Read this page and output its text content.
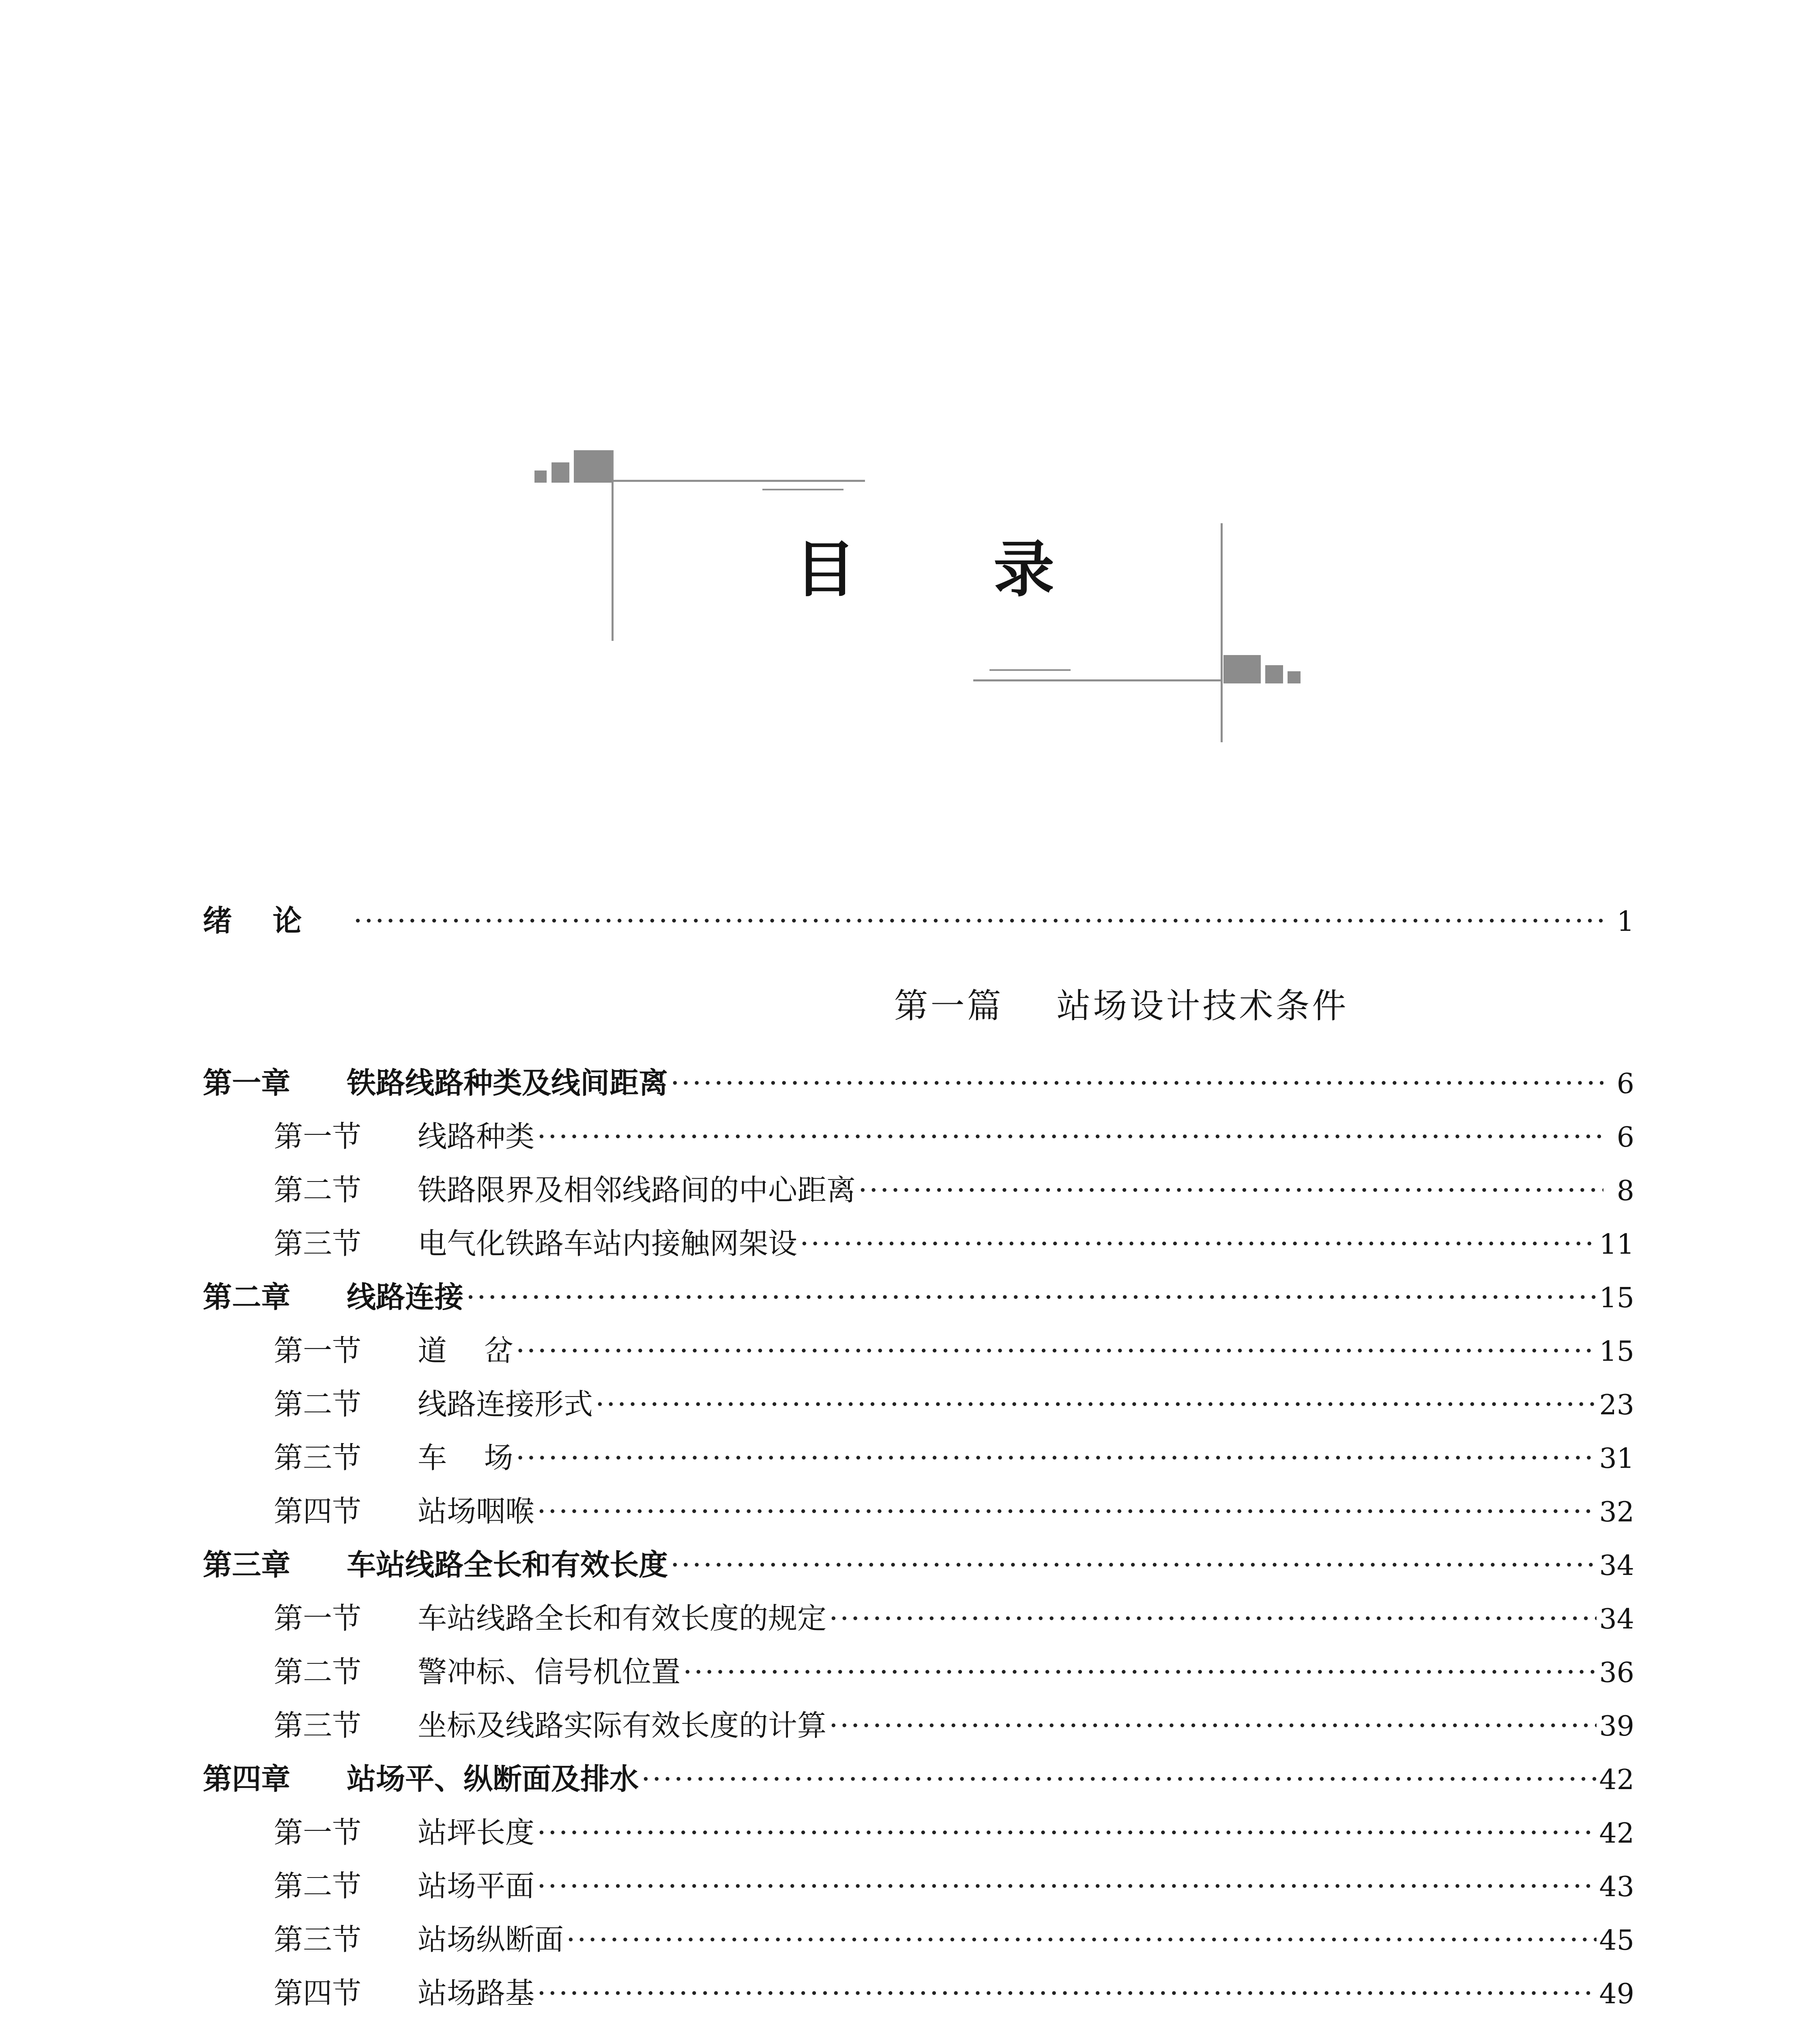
目 录
绪    论 ·····	1
第一篇    站场设计技术条件
第一章	铁路线路种类及线间距离 ·····	6
第一节	线路种类 ·····	6
第二节	铁路限界及相邻线路间的中心距离 ·····	8
第三节	电气化铁路车站内接触网架设 ·····	11
第二章	线路连接 ·····	15
第一节	道    岔 ·····	15
第二节	线路连接形式 ·····	23
第三节	车    场 ·····	31
第四节	站场咽喉 ·····	32
第三章	车站线路全长和有效长度 ·····	34
第一节	车站线路全长和有效长度的规定 ·····	34
第二节	警冲标、信号机位置 ·····	36
第三节	坐标及线路实际有效长度的计算 ·····	39
第四章	站场平、纵断面及排水 ·····	42
第一节	站坪长度 ·····	42
第二节	站场平面 ·····	43
第三节	站场纵断面 ·····	45
第四节	站场路基 ·····	49
·····
